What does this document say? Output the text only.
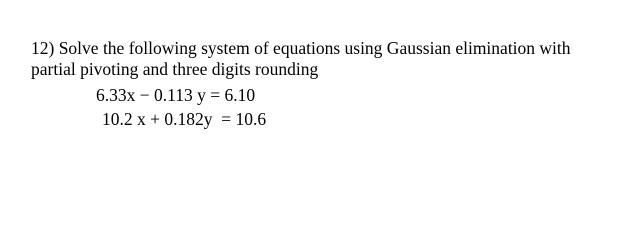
12) Solve the following system of equations using Gaussian elimination with

partial pivoting and three digits rounding

6.33x − 0.113 y = 6.10
10.2 x + 0.182y = 10.6
